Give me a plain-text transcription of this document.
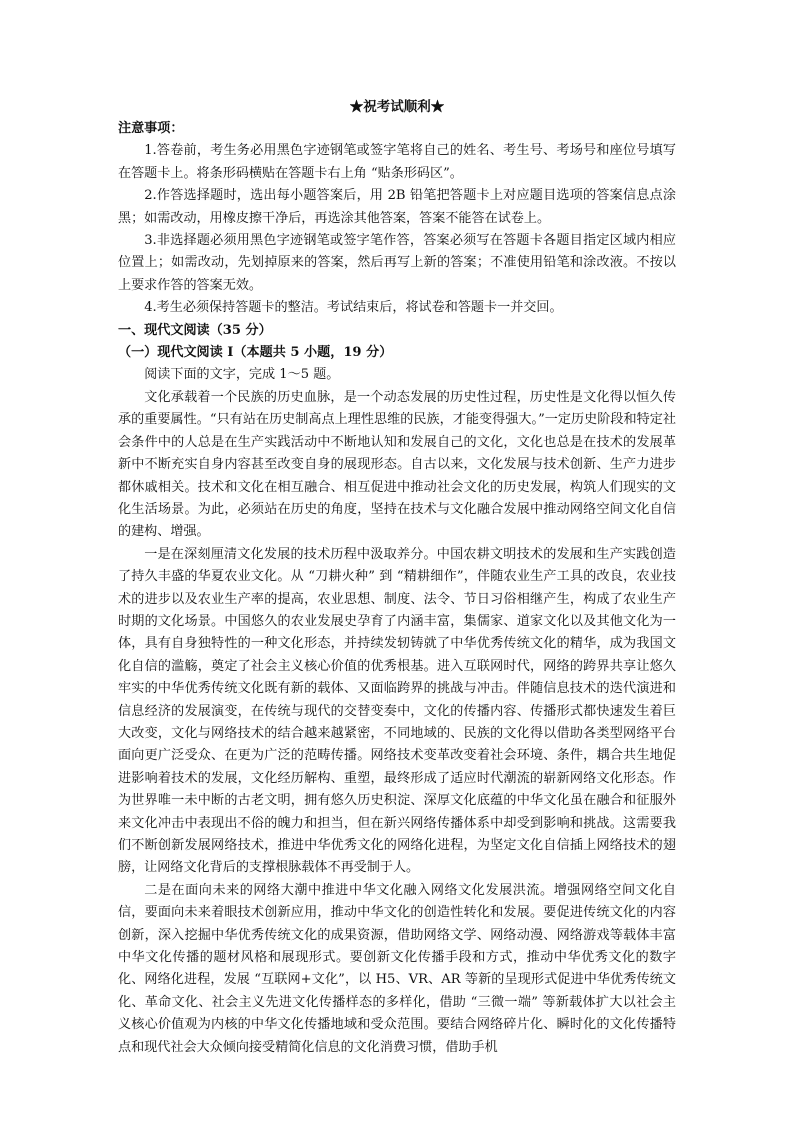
★祝考试顺利★

注意事项：

1.答卷前，考生务必用黑色字迹钢笔或签字笔将自己的姓名、考生号、考场号和座位号填写在答题卡上。将条形码横贴在答题卡右上角 “贴条形码区”。

2.作答选择题时，选出每小题答案后，用 2B 铅笔把答题卡上对应题目选项的答案信息点涂黑；如需改动，用橡皮擦干净后，再选涂其他答案，答案不能答在试卷上。

3.非选择题必须用黑色字迹钢笔或签字笔作答，答案必须写在答题卡各题目指定区域内相应位置上；如需改动，先划掉原来的答案，然后再写上新的答案；不准使用铅笔和涂改液。不按以上要求作答的答案无效。

4.考生必须保持答题卡的整洁。考试结束后，将试卷和答题卡一并交回。

一、现代文阅读（35 分）

（一）现代文阅读 I（本题共 5 小题，19 分）

阅读下面的文字，完成 1～5 题。

文化承载着一个民族的历史血脉，是一个动态发展的历史性过程，历史性是文化得以恒久传承的重要属性。“只有站在历史制高点上理性思维的民族，才能变得强大。”一定历史阶段和特定社会条件中的人总是在生产实践活动中不断地认知和发展自己的文化，文化也总是在技术的发展革新中不断充实自身内容甚至改变自身的展现形态。自古以来，文化发展与技术创新、生产力进步都休戚相关。技术和文化在相互融合、相互促进中推动社会文化的历史发展，构筑人们现实的文化生活场景。为此，必须站在历史的角度，坚持在技术与文化融合发展中推动网络空间文化自信的建构、增强。

一是在深刻厘清文化发展的技术历程中汲取养分。中国农耕文明技术的发展和生产实践创造了持久丰盛的华夏农业文化。从 “刀耕火种” 到 “精耕细作”，伴随农业生产工具的改良，农业技术的进步以及农业生产率的提高，农业思想、制度、法令、节日习俗相继产生，构成了农业生产时期的文化场景。中国悠久的农业发展史孕育了内涵丰富，集儒家、道家文化以及其他文化为一体，具有自身独特性的一种文化形态，并持续发轫铸就了中华优秀传统文化的精华，成为我国文化自信的滥觞，奠定了社会主义核心价值的优秀根基。进入互联网时代，网络的跨界共享让悠久牢实的中华优秀传统文化既有新的载体、又面临跨界的挑战与冲击。伴随信息技术的迭代演进和信息经济的发展演变，在传统与现代的交替变奏中，文化的传播内容、传播形式都快速发生着巨大改变，文化与网络技术的结合越来越紧密，不同地域的、民族的文化得以借助各类型网络平台面向更广泛受众、在更为广泛的范畴传播。网络技术变革改变着社会环境、条件，耦合共生地促进影响着技术的发展，文化经历解构、重塑，最终形成了适应时代潮流的崭新网络文化形态。作为世界唯一未中断的古老文明，拥有悠久历史积淀、深厚文化底蕴的中华文化虽在融合和征服外来文化冲击中表现出不俗的魄力和担当，但在新兴网络传播体系中却受到影响和挑战。这需要我们不断创新发展网络技术，推进中华优秀文化的网络化进程，为坚定文化自信插上网络技术的翅膀，让网络文化背后的支撑根脉载体不再受制于人。

二是在面向未来的网络大潮中推进中华文化融入网络文化发展洪流。增强网络空间文化自信，要面向未来着眼技术创新应用，推动中华文化的创造性转化和发展。要促进传统文化的内容创新，深入挖掘中华优秀传统文化的成果资源，借助网络文学、网络动漫、网络游戏等载体丰富中华文化传播的题材风格和展现形式。要创新文化传播手段和方式，推动中华优秀文化的数字化、网络化进程，发展 “互联网+文化”，以 H5、VR、AR 等新的呈现形式促进中华优秀传统文化、革命文化、社会主义先进文化传播样态的多样化，借助 “三微一端” 等新载体扩大以社会主义核心价值观为内核的中华文化传播地域和受众范围。要结合网络碎片化、瞬时化的文化传播特点和现代社会大众倾向接受精简化信息的文化消费习惯，借助手机
